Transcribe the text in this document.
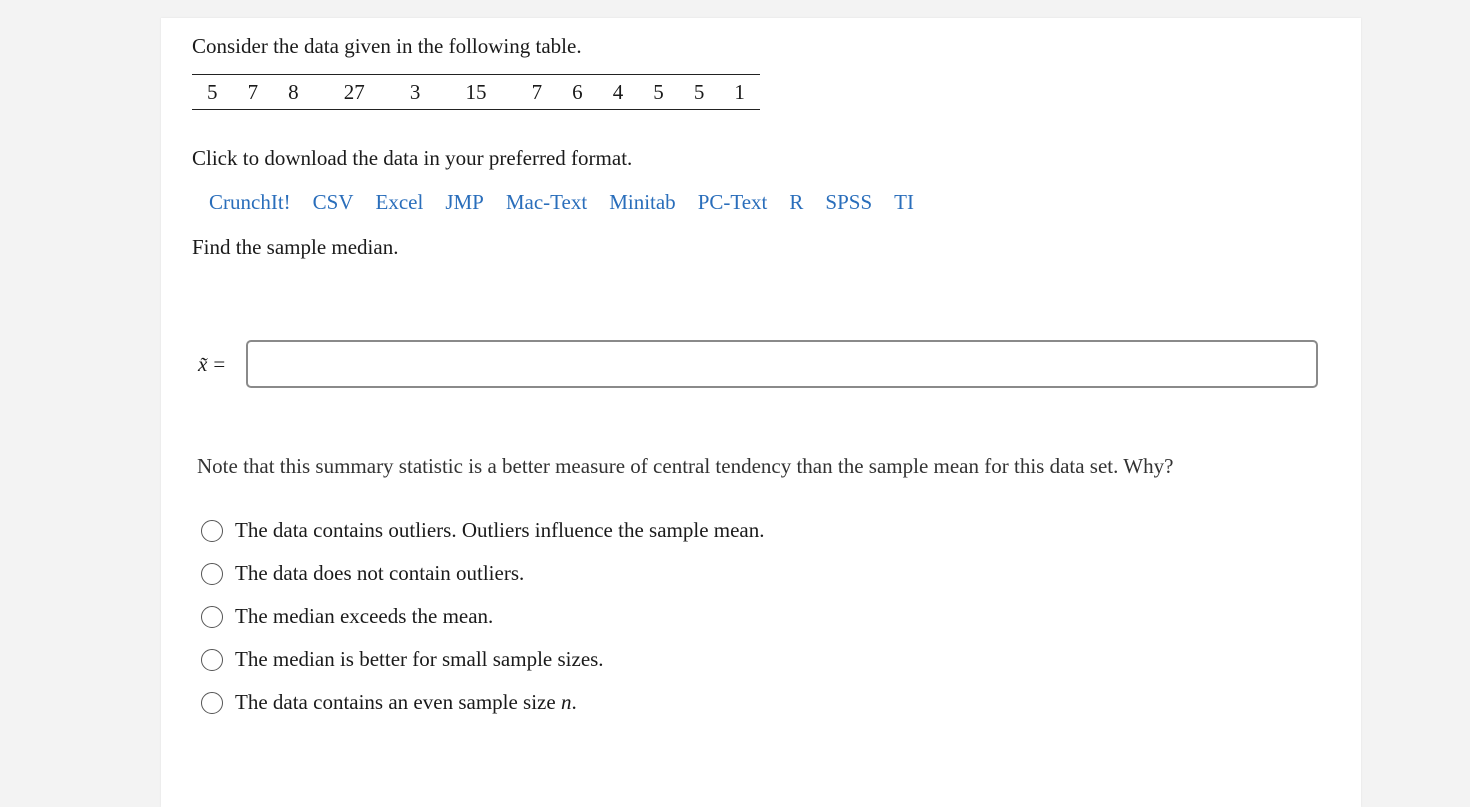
Consider the data given in the following table.

5	7	8	27	3	15	7	6	4	5	5	1

Click to download the data in your preferred format.

CrunchIt! CSV Excel JMP Mac-Text Minitab PC-Text R SPSS TI

Find the sample median.

x̃ =

Note that this summary statistic is a better measure of central tendency than the sample mean for this data set. Why?

The data contains outliers. Outliers influence the sample mean.
The data does not contain outliers.
The median exceeds the mean.
The median is better for small sample sizes.
The data contains an even sample size n.
